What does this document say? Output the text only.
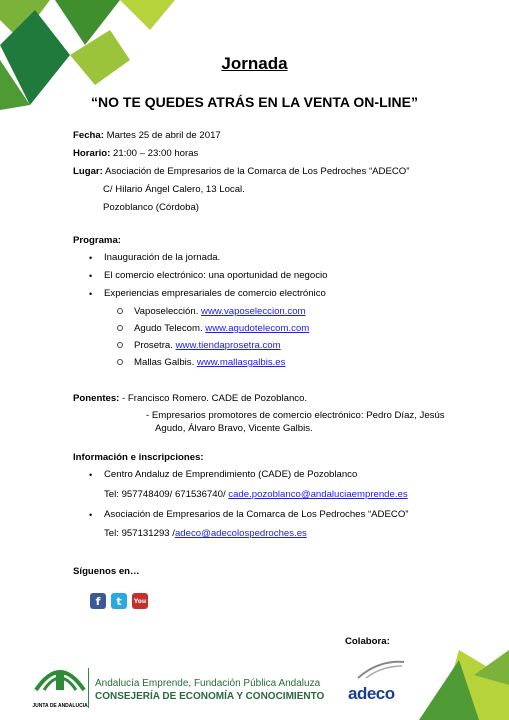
Jornada
“NO TE QUEDES ATRÁS EN LA VENTA ON-LINE”
Fecha: Martes 25 de abril de 2017
Horario: 21:00 – 23:00 horas
Lugar: Asociación de Empresarios de la Comarca de Los Pedroches “ADECO”
C/ Hilario Ángel Calero, 13 Local.
Pozoblanco (Córdoba)
Programa:
• Inauguración de la jornada.
• El comercio electrónico: una oportunidad de negocio
• Experiencias empresariales de comercio electrónico
Vaposelección. www.vaposeleccion.com
Agudo Telecom. www.agudotelecom.com
Prosetra. www.tiendaprosetra.com
Mallas Galbis. www.mallasgalbis.es
Ponentes: - Francisco Romero. CADE de Pozoblanco.
- Empresarios promotores de comercio electrónico: Pedro Díaz, Jesús
Agudo, Álvaro Bravo, Vicente Galbis.
Información e inscripciones:
• Centro Andaluz de Emprendimiento (CADE) de Pozoblanco
Tel: 957748409/ 671536740/ cade.pozoblanco@andaluciaemprende.es
• Asociación de Empresarios de la Comarca de Los Pedroches “ADECO”
Tel: 957131293 /adeco@adecolospedroches.es
Síguenos en…
f	t	You
Colabora:
JUNTA DE ANDALUCIA
Andalucía Emprende, Fundación Pública Andaluza
CONSEJERÍA DE ECONOMÍA Y CONOCIMIENTO adeco
